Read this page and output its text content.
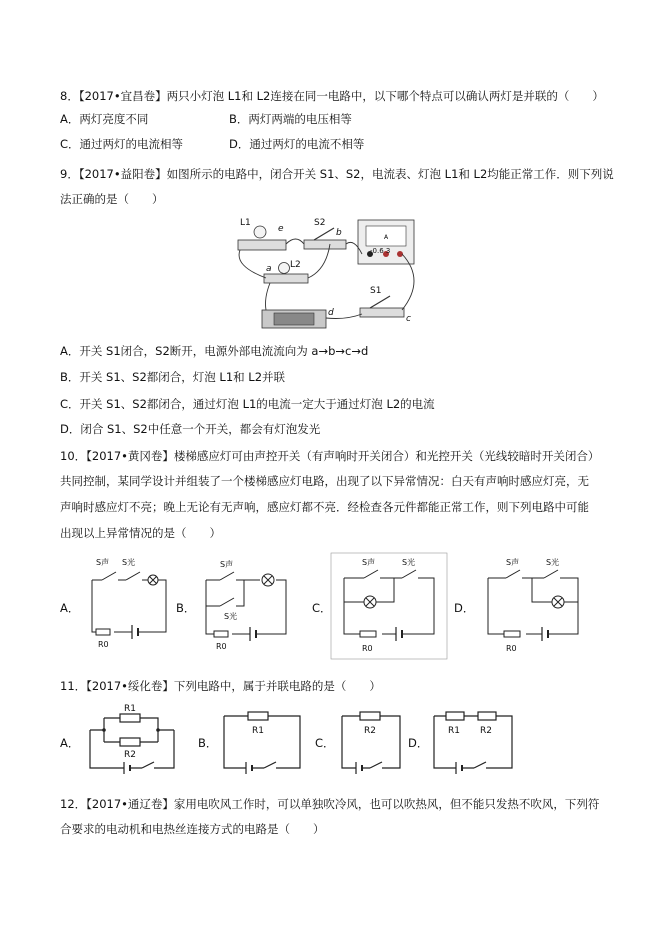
8．【2017•宜昌卷】两只小灯泡 L1和 L2连接在同一电路中，以下哪个特点可以确认两灯是并联的（　　）
A．两灯亮度不同	B．两灯两端的电压相等
C．通过两灯的电流相等	D．通过两灯的电流不相等
9．【2017•益阳卷】如图所示的电路中，闭合开关 S1、S2，电流表、灯泡 L1和 L2均能正常工作．则下列说
法正确的是（　　）
A
L1
e
S2
b
-0.6 3
a L2
d
S1
c
A．开关 S1闭合，S2断开，电源外部电流流向为 a→b→c→d
B．开关 S1、S2都闭合，灯泡 L1和 L2并联
C．开关 S1、S2都闭合，通过灯泡 L1的电流一定大于通过灯泡 L2的电流
D．闭合 S1、S2中任意一个开关，都会有灯泡发光
10．【2017•黄冈卷】楼梯感应灯可由声控开关（有声响时开关闭合）和光控开关（光线较暗时开关闭合）
共同控制，某同学设计并组装了一个楼梯感应灯电路，出现了以下异常情况：白天有声响时感应灯亮，无
声响时感应灯不亮；晚上无论有无声响，感应灯都不亮．经检查各元件都能正常工作，则下列电路中可能
出现以上异常情况的是（　　）
A．
S声 S光
R0
B．
S声
S光
R0
C．
S声	S光
R0
D．
S声	S光
R0
11．【2017•绥化卷】下列电路中，属于并联电路的是（　　）
A．
R1
R2
B．
R1
C．
R2
D．
R1 R2
12．【2017•通辽卷】家用电吹风工作时，可以单独吹冷风，也可以吹热风，但不能只发热不吹风，下列符
合要求的电动机和电热丝连接方式的电路是（　　）
